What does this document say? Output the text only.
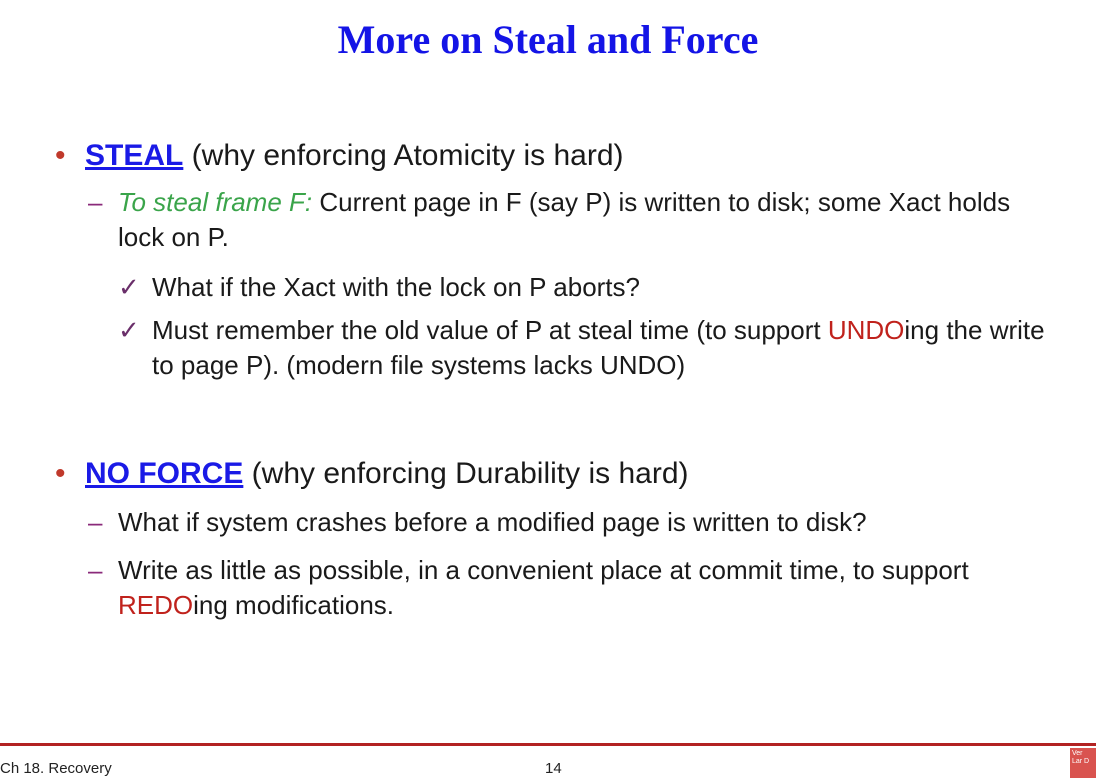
More on Steal and Force
• STEAL (why enforcing Atomicity is hard)
– To steal frame F: Current page in F (say P) is written to disk; some Xact holds lock on P.
✓ What if the Xact with the lock on P aborts?
✓ Must remember the old value of P at steal time (to support UNDOing the write to page P). (modern file systems lacks UNDO)
• NO FORCE (why enforcing Durability is hard)
– What if system crashes before a modified page is written to disk?
– Write as little as possible, in a convenient place at commit time, to support REDOing modifications.
Ch 18. Recovery	14
Ver Lar D
